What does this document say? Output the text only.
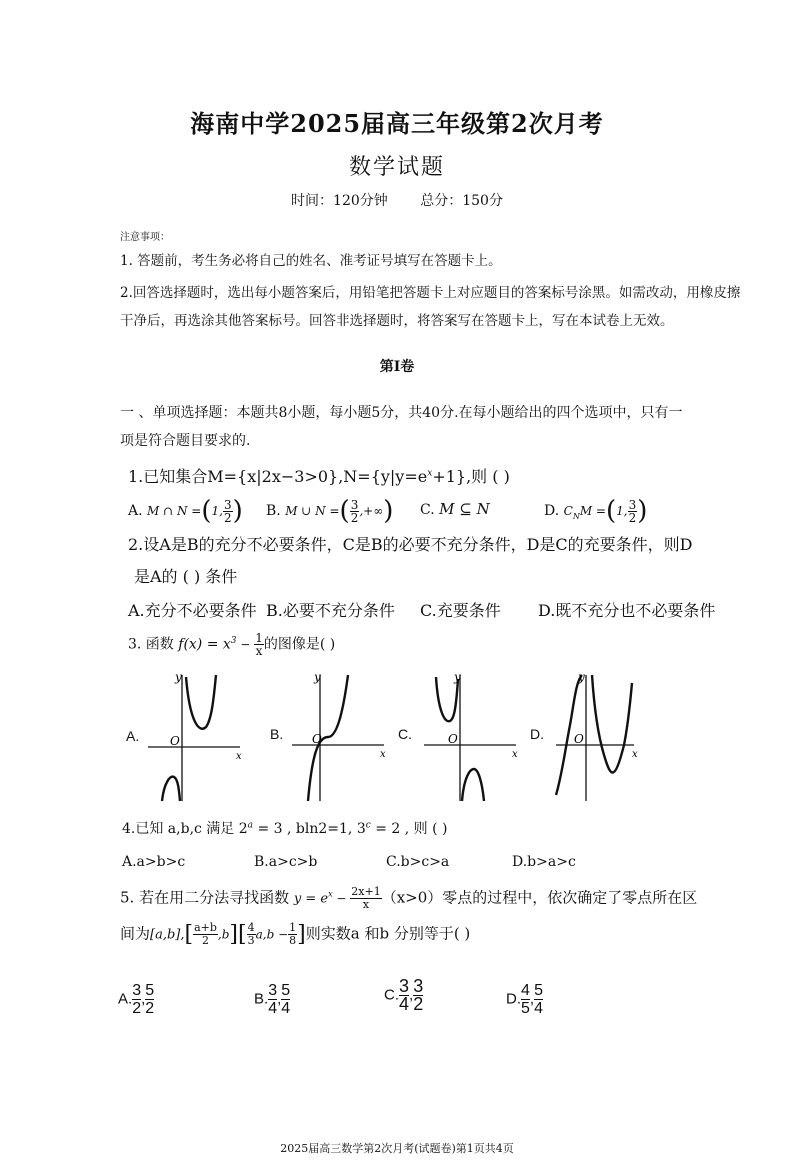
海南中学2025届高三年级第2次月考
数学试题
时间：120分钟 总分：150分
注意事项：
1. 答题前，考生务必将自己的姓名、准考证号填写在答题卡上。
2.回答选择题时，选出每小题答案后，用铅笔把答题卡上对应题目的答案标号涂黑。如需改动，用橡皮擦
干净后，再选涂其他答案标号。回答非选择题时，将答案写在答题卡上，写在本试卷上无效。
第Ⅰ卷
一 、单项选择题：本题共8小题，每小题5分，共40分.在每小题给出的四个选项中，只有一
项是符合题目要求的.
1.已知集合$M=\{x|2x-3>0\},N=\{y|y=e^x+1\}$,则 ( )
A. M ∩ N =(1, $\frac{3}{2}$ ) B. M ∪ N =( $\frac{3}{2}$ ,+∞) C. M ⊆ N	D. $C_NM =(1$, $\frac{3}{2}$ )
2.设A是B的充分不必要条件，C是B的必要不充分条件，D是C的充要条件，则D
是A的 ( ) 条件
A.充分不必要条件 B.必要不充分条件 C.充要条件 D.既不充分也不必要条件
3. 函数 $f(x) = x^3 - \frac{1}{x}$ 的图像是( )
A.	B.	C.	D.
y
x
O
y
x
O
y
x
O
y
x
O
4.已知 a,b,c 满足 $2^a = 3$ , bln2=1, $3^c = 2$ , 则 ( )
A.a>b>c	B.a>c>b	C.b>c>a	D.b>a>c
5. 若在用二分法寻找函数 $y = e^x - \frac{2x+1}{x} (x>0)$零点的过程中，依次确定了零点所在区
间为$[a,b],[ \frac{a+b}{2} ,b][ \frac{4}{3} a,b - \frac{1}{8}$ ]则实数a 和b 分别等于( )
A. $\frac{3}{2}$ , $\frac{5}{2}$	B. $\frac{3}{4}$ , $\frac{5}{4}$	C. $\frac{3}{4}$ , $\frac{3}{2}$	D. $\frac{4}{5}$ , $\frac{5}{4}$
2025届高三数学第2次月考(试题卷)第1页共4页
